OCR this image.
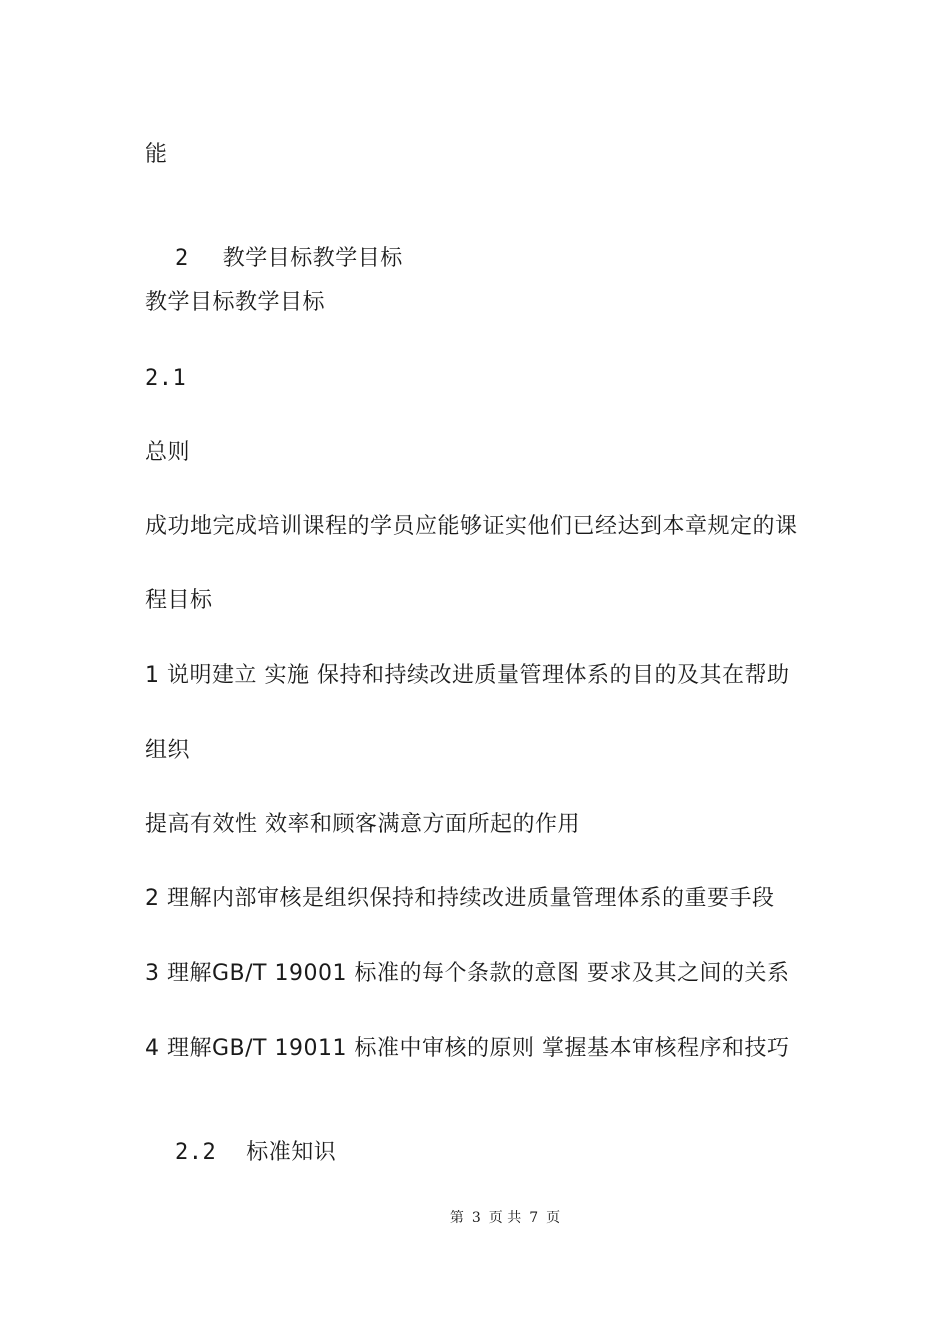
能

2 教学目标教学目标

教学目标教学目标
2.1
总则
成功地完成培训课程的学员应能够证实他们已经达到本章规定的课
程目标
1 说明建立 实施 保持和持续改进质量管理体系的目的及其在帮助
组织
提高有效性 效率和顾客满意方面所起的作用
2 理解内部审核是组织保持和持续改进质量管理体系的重要手段
3 理解GB/T 19001 标准的每个条款的意图 要求及其之间的关系
4 理解GB/T 19011 标准中审核的原则 掌握基本审核程序和技巧

2.2 标准知识

第 3 页 共 7 页
